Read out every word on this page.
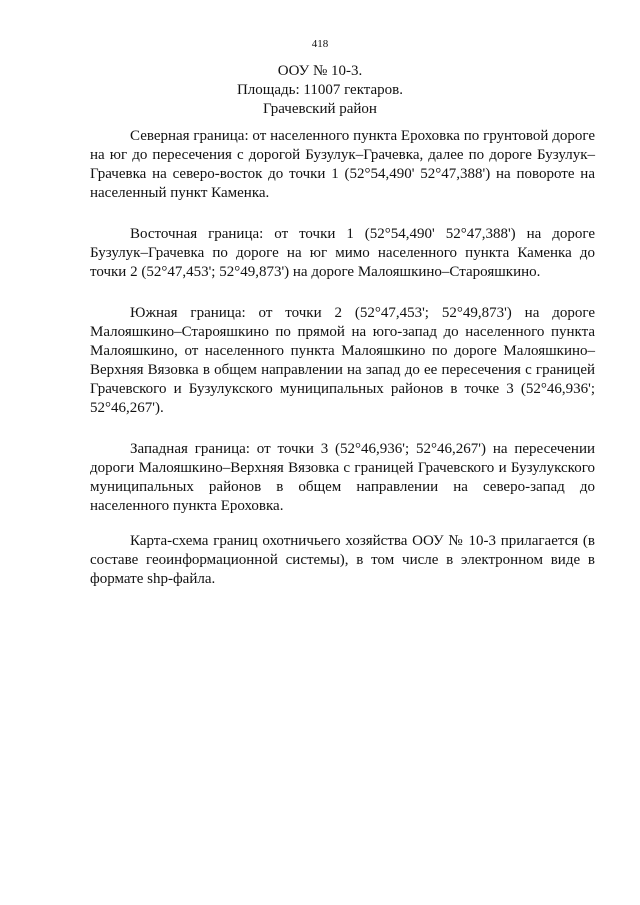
418
ООУ № 10-3.
Площадь: 11007 гектаров.
Грачевский район

Северная граница: от населенного пункта Ероховка по грунтовой дороге на юг до пересечения с дорогой Бузулук–Грачевка, далее по дороге Бузулук–Грачевка на северо-восток до точки 1 (52°54,490' 52°47,388') на повороте на населенный пункт Каменка.

Восточная граница: от точки 1 (52°54,490' 52°47,388') на дороге Бузулук–Грачевка по дороге на юг мимо населенного пункта Каменка до точки 2 (52°47,453'; 52°49,873') на дороге Малояшкино–Старояшкино.

Южная граница: от точки 2 (52°47,453'; 52°49,873') на дороге Малояшкино–Старояшкино по прямой на юго-запад до населенного пункта Малояшкино, от населенного пункта Малояшкино по дороге Малояшкино–Верхняя Вязовка в общем направлении на запад до ее пересечения с границей Грачевского и Бузулукского муниципальных районов в точке 3 (52°46,936'; 52°46,267').

Западная граница: от точки 3 (52°46,936'; 52°46,267') на пересечении дороги Малояшкино–Верхняя Вязовка с границей Грачевского и Бузулукского муниципальных районов в общем направлении на северо-запад до населенного пункта Ероховка.

Карта-схема границ охотничьего хозяйства ООУ № 10-3 прилагается (в составе геоинформационной системы), в том числе в электронном виде в формате shp-файла.
